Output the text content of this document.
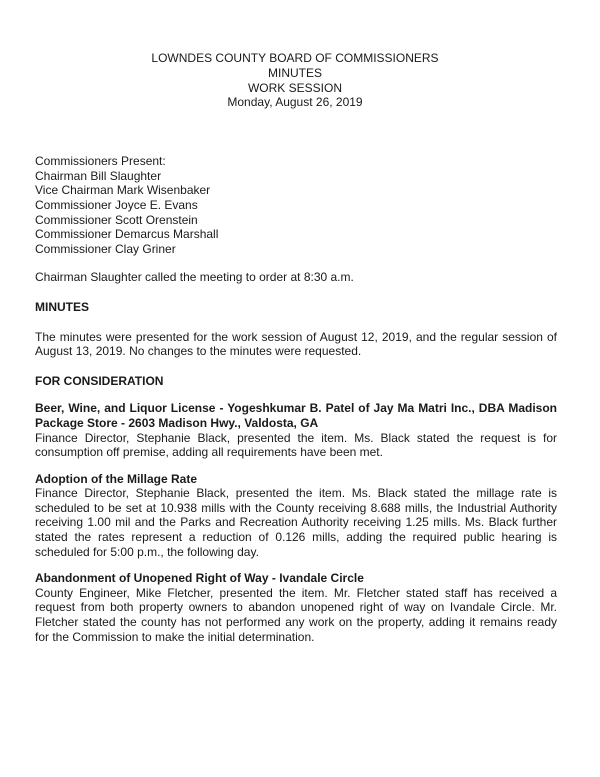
LOWNDES COUNTY BOARD OF COMMISSIONERS
MINUTES
WORK SESSION
Monday, August 26, 2019
Commissioners Present:
Chairman Bill Slaughter
Vice Chairman Mark Wisenbaker
Commissioner Joyce E. Evans
Commissioner Scott Orenstein
Commissioner Demarcus Marshall
Commissioner Clay Griner

Chairman Slaughter called the meeting to order at 8:30 a.m.

MINUTES

The minutes were presented for the work session of August 12, 2019, and the regular session of August 13, 2019. No changes to the minutes were requested.

FOR CONSIDERATION
Beer, Wine, and Liquor License - Yogeshkumar B. Patel of Jay Ma Matri Inc., DBA Madison Package Store - 2603 Madison Hwy., Valdosta, GA

Finance Director, Stephanie Black, presented the item. Ms. Black stated the request is for consumption off premise, adding all requirements have been met.

Adoption of the Millage Rate

Finance Director, Stephanie Black, presented the item. Ms. Black stated the millage rate is scheduled to be set at 10.938 mills with the County receiving 8.688 mills, the Industrial Authority receiving 1.00 mil and the Parks and Recreation Authority receiving 1.25 mills. Ms. Black further stated the rates represent a reduction of 0.126 mills, adding the required public hearing is scheduled for 5:00 p.m., the following day.

Abandonment of Unopened Right of Way - Ivandale Circle

County Engineer, Mike Fletcher, presented the item. Mr. Fletcher stated staff has received a request from both property owners to abandon unopened right of way on Ivandale Circle. Mr. Fletcher stated the county has not performed any work on the property, adding it remains ready for the Commission to make the initial determination.
